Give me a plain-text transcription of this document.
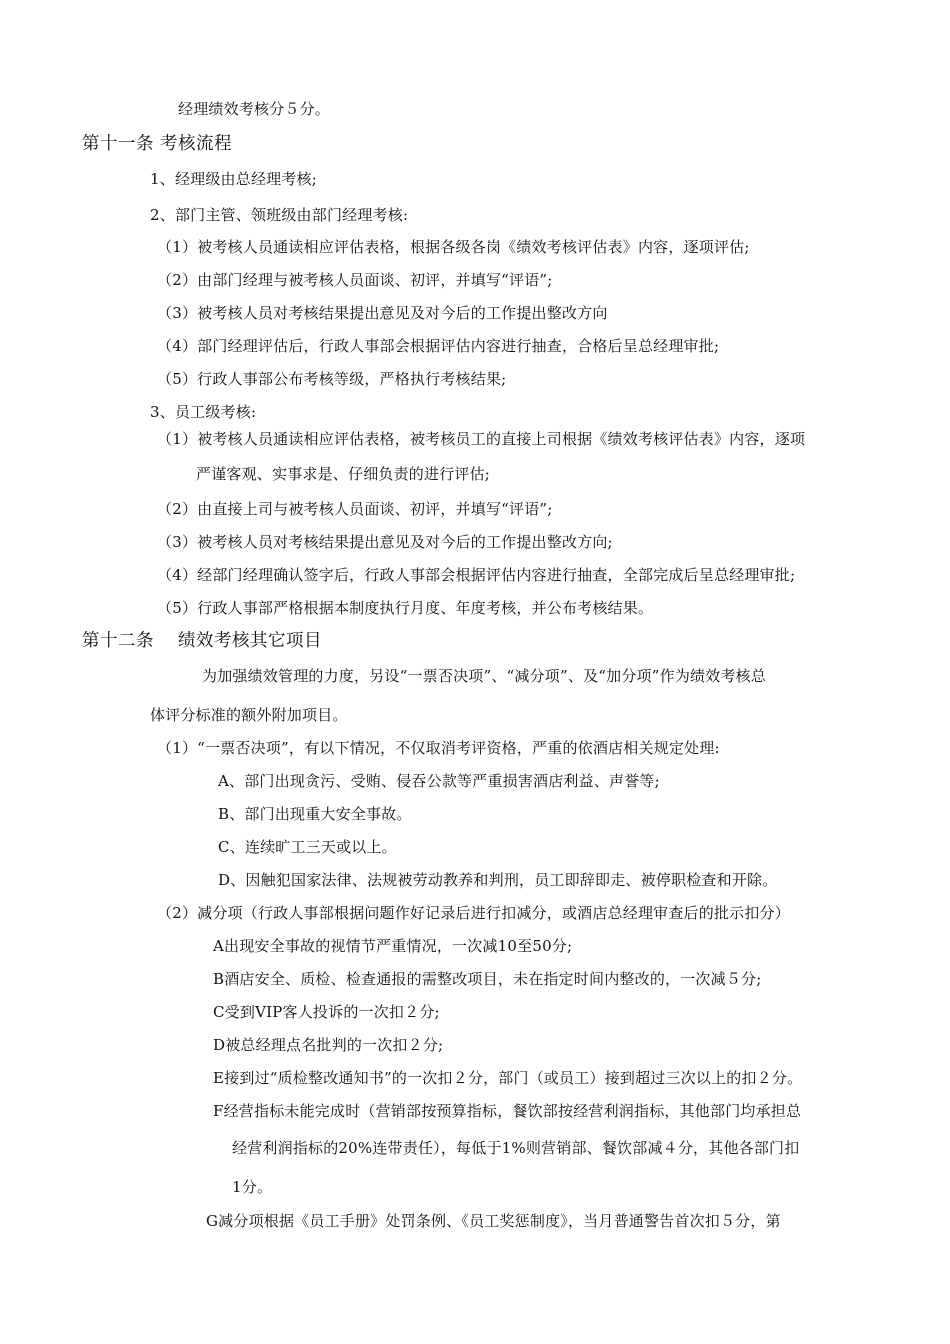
经理绩效考核分５分。
第十一条 考核流程
1、经理级由总经理考核;
2、部门主管、领班级由部门经理考核:
（1）被考核人员通读相应评估表格，根据各级各岗《绩效考核评估表》内容，逐项评估;
（2）由部门经理与被考核人员面谈、初评，并填写“评语”;
（3）被考核人员对考核结果提出意见及对今后的工作提出整改方向
（4）部门经理评估后，行政人事部会根据评估内容进行抽查，合格后呈总经理审批;
（5）行政人事部公布考核等级，严格执行考核结果;
3、员工级考核:
（1）被考核人员通读相应评估表格，被考核员工的直接上司根据《绩效考核评估表》内容，逐项
严谨客观、实事求是、仔细负责的进行评估;
（2）由直接上司与被考核人员面谈、初评，并填写“评语”;
（3）被考核人员对考核结果提出意见及对今后的工作提出整改方向;
（4）经部门经理确认签字后，行政人事部会根据评估内容进行抽查，全部完成后呈总经理审批;
（5）行政人事部严格根据本制度执行月度、年度考核，并公布考核结果。
第十二条　 绩效考核其它项目
为加强绩效管理的力度，另设“一票否决项”、“减分项”、及“加分项”作为绩效考核总
体评分标准的额外附加项目。
（1）“一票否决项”，有以下情况，不仅取消考评资格，严重的依酒店相关规定处理:
A、部门出现贪污、受贿、侵吞公款等严重损害酒店利益、声誉等;
B、部门出现重大安全事故。
C、连续旷工三天或以上。
D、因触犯国家法律、法规被劳动教养和判刑，员工即辞即走、被停职检查和开除。
（2）减分项（行政人事部根据问题作好记录后进行扣减分，或酒店总经理审查后的批示扣分）
A出现安全事故的视情节严重情况，一次减10至50分;
B酒店安全、质检、检查通报的需整改项目，未在指定时间内整改的，一次减５分;
C受到VIP客人投诉的一次扣２分;
D被总经理点名批判的一次扣２分;
E接到过“质检整改通知书”的一次扣２分，部门（或员工）接到超过三次以上的扣２分。
F经营指标未能完成时（营销部按预算指标，餐饮部按经营利润指标，其他部门均承担总
经营利润指标的20%连带责任），每低于1%则营销部、餐饮部减４分，其他各部门扣
1分。
G减分项根据《员工手册》处罚条例、《员工奖惩制度》，当月普通警告首次扣５分，第
